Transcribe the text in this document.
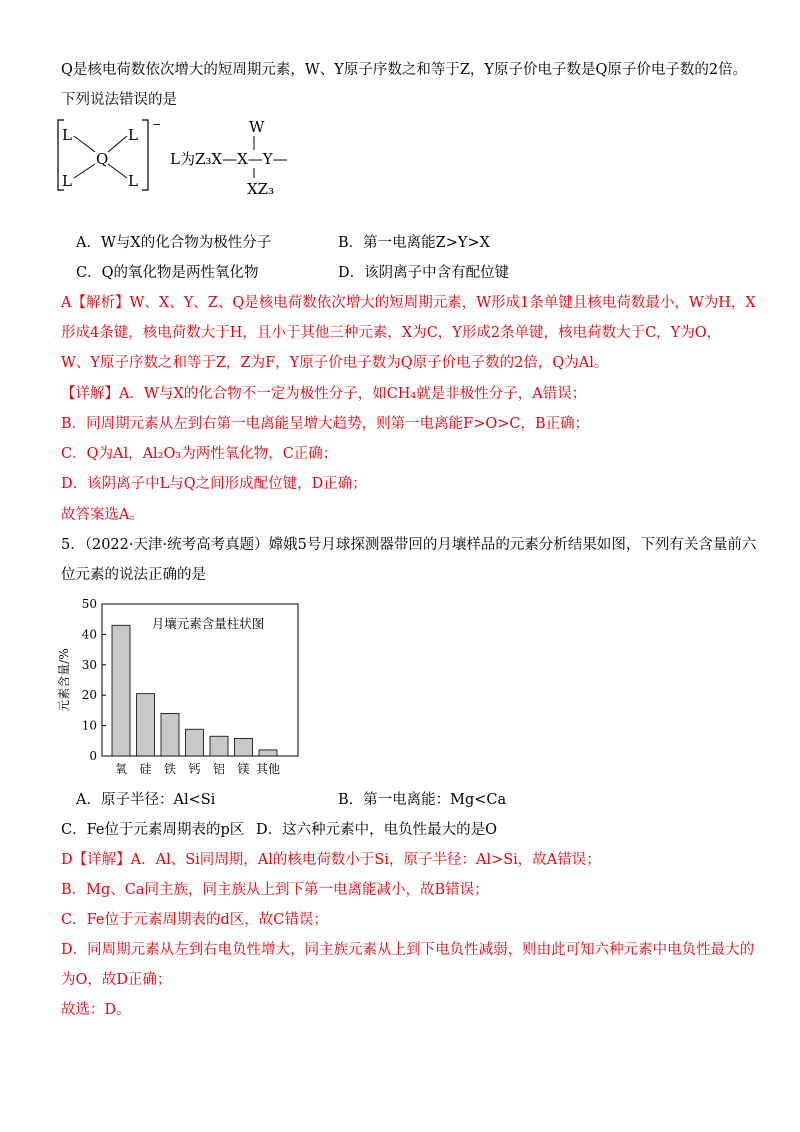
Q是核电荷数依次增大的短周期元素，W、Y原子序数之和等于Z，Y原子价电子数是Q原子价电子数的2倍。
下列说法错误的是
−
L	L
L	L
Q	L为Z₃X—X—Y—
W
XZ₃
A．W与X的化合物为极性分子	B．第一电离能Z>Y>X
C．Q的氧化物是两性氧化物	D．该阴离子中含有配位键
A【解析】W、X、Y、Z、Q是核电荷数依次增大的短周期元素，W形成1条单键且核电荷数最小，W为H，X
形成4条键，核电荷数大于H，且小于其他三种元素，X为C，Y形成2条单键，核电荷数大于C，Y为O，
W、Y原子序数之和等于Z，Z为F，Y原子价电子数为Q原子价电子数的2倍，Q为Al。
【详解】A．W与X的化合物不一定为极性分子，如CH₄就是非极性分子，A错误；
B．同周期元素从左到右第一电离能呈增大趋势，则第一电离能F>O>C，B正确；
C．Q为Al，Al₂O₃为两性氧化物，C正确；
D．该阴离子中L与Q之间形成配位键，D正确；
故答案选A。
5．（2022·天津·统考高考真题）嫦娥5号月球探测器带回的月壤样品的元素分析结果如图，下列有关含量前六
位元素的说法正确的是
0
10
20
30
40
50
元素含量/%
月壤元素含量柱状图
氧 硅 铁 钙 铝 镁 其他
A．原子半径：Al<Si	B．第一电离能：Mg<Ca
C．Fe位于元素周期表的p区 D．这六种元素中，电负性最大的是O
D【详解】A．Al、Si同周期，Al的核电荷数小于Si，原子半径：Al>Si，故A错误；
B．Mg、Ca同主族，同主族从上到下第一电离能减小，故B错误；
C．Fe位于元素周期表的d区，故C错误；
D．同周期元素从左到右电负性增大，同主族元素从上到下电负性减弱，则由此可知六种元素中电负性最大的
为O，故D正确；
故选：D。
